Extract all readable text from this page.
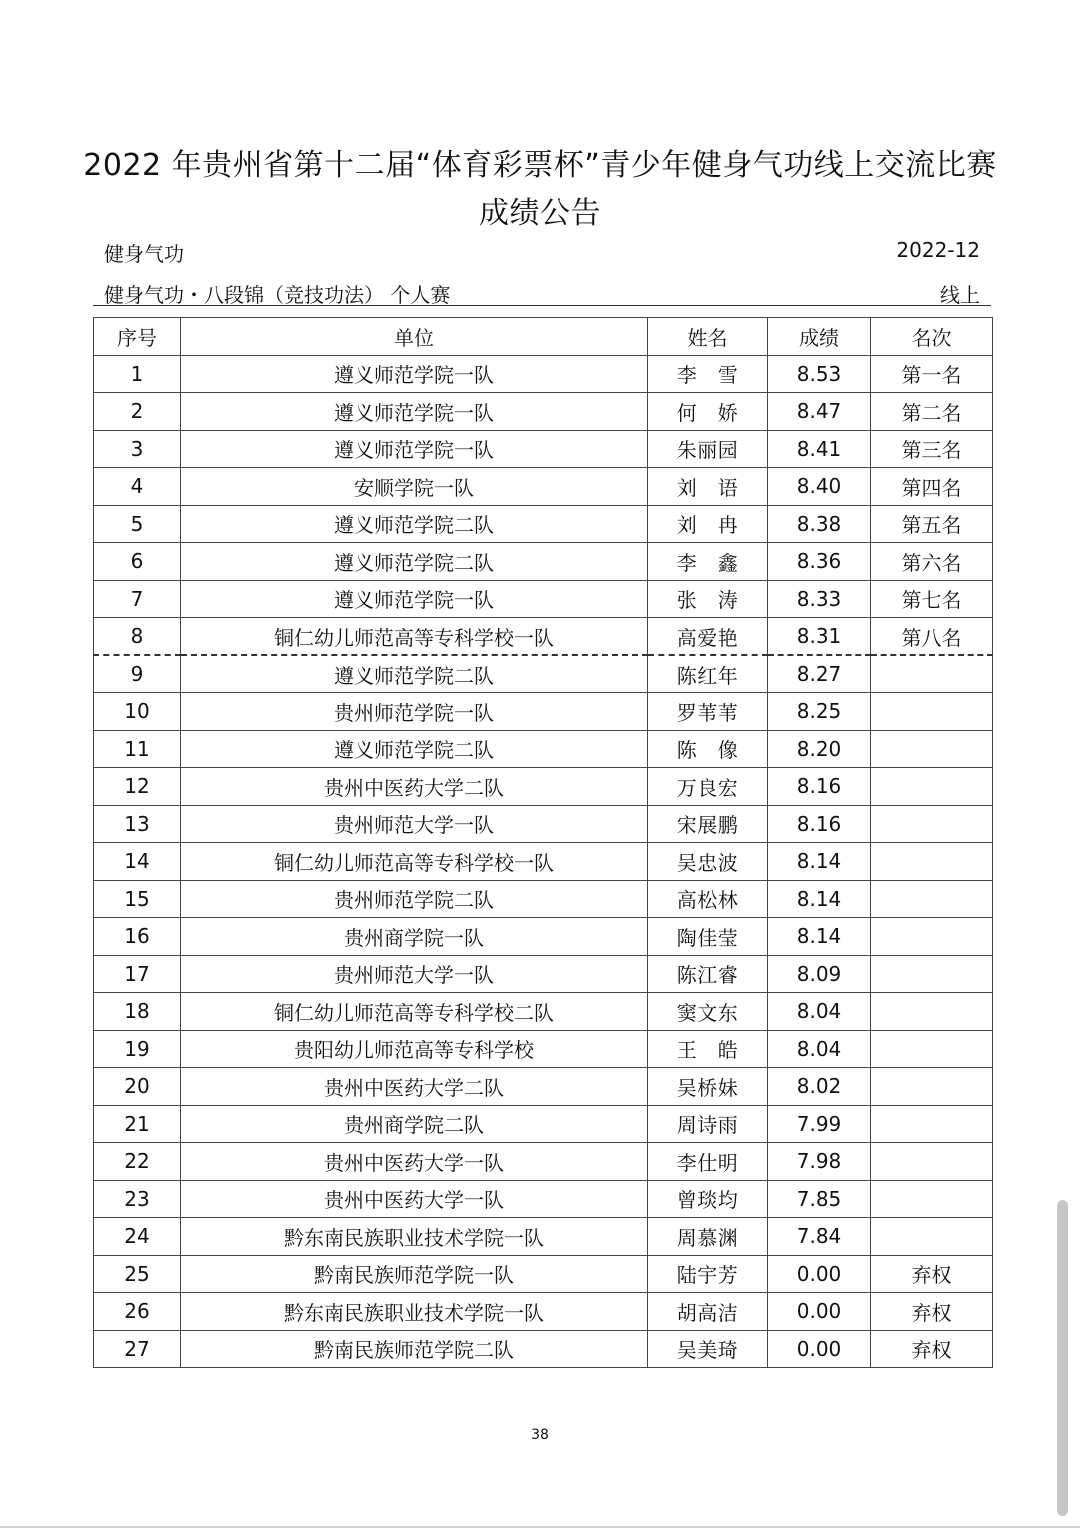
2022 年贵州省第十二届“体育彩票杯”青少年健身气功线上交流比赛
成绩公告
健身气功	2022-12
健身气功・八段锦（竞技功法） 个人赛	线上
序号	单位	姓名	成绩	名次
1	遵义师范学院一队	李　雪	8.53	第一名
2	遵义师范学院一队	何　娇	8.47	第二名
3	遵义师范学院一队	朱丽园	8.41	第三名
4	安顺学院一队	刘　语	8.40	第四名
5	遵义师范学院二队	刘　冉	8.38	第五名
6	遵义师范学院二队	李　鑫	8.36	第六名
7	遵义师范学院一队	张　涛	8.33	第七名
8	铜仁幼儿师范高等专科学校一队	高爱艳	8.31	第八名
9	遵义师范学院二队	陈红年	8.27	
10	贵州师范学院一队	罗苇苇	8.25	
11	遵义师范学院二队	陈　像	8.20	
12	贵州中医药大学二队	万良宏	8.16	
13	贵州师范大学一队	宋展鹏	8.16	
14	铜仁幼儿师范高等专科学校一队	吴忠波	8.14	
15	贵州师范学院二队	高松林	8.14	
16	贵州商学院一队	陶佳莹	8.14	
17	贵州师范大学一队	陈江睿	8.09	
18	铜仁幼儿师范高等专科学校二队	窦文东	8.04	
19	贵阳幼儿师范高等专科学校	王　皓	8.04	
20	贵州中医药大学二队	吴桥妹	8.02	
21	贵州商学院二队	周诗雨	7.99	
22	贵州中医药大学一队	李仕明	7.98	
23	贵州中医药大学一队	曾琰均	7.85	
24	黔东南民族职业技术学院一队	周慕渊	7.84	
25	黔南民族师范学院一队	陆宇芳	0.00	弃权
26	黔东南民族职业技术学院一队	胡高洁	0.00	弃权
27	黔南民族师范学院二队	吴美琦	0.00	弃权
38
